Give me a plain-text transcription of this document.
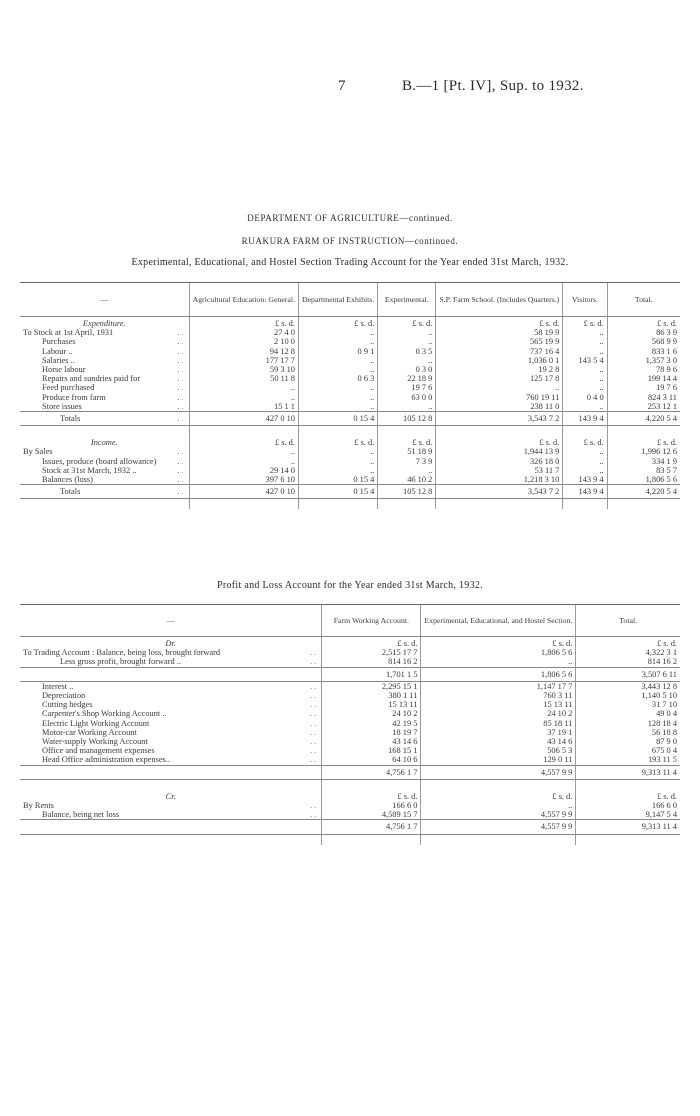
7	B.—1 [Pt. IV], Sup. to 1932.
DEPARTMENT OF AGRICULTURE—continued.
RUAKURA FARM OF INSTRUCTION—continued.
Experimental, Educational, and Hostel Section Trading Account for the Year ended 31st March, 1932.
—	Agricultural Education: General.	Departmental Exhibits.	Experimental.	S.P. Farm School. (Includes Quarters.)	Visitors.	Total.
Expenditure.	£ s. d.	£ s. d.	£ s. d.	£ s. d.	£ s. d.	£ s. d.
To Stock at 1st April, 1931 ..	27 4 0	..	..	58 19 9	..	86 3 9
Purchases ..	2 10 0	..	..	565 19 9	..	568 9 9
Labour .. ..	94 12 8	0 9 1	0 3 5	737 16 4	..	833 1 6
Salaries .. ..	177 17 7	..	..	1,036 0 1	143 5 4	1,357 3 0
Horse labour ..	59 3 10	..	0 3 0	19 2 8	..	78 9 6
Repairs and sundries paid for ..	50 11 8	0 6 3	22 18 9	125 17 8	..	199 14 4
Feed purchased ..	..	..	19 7 6	..	..	19 7 6
Produce from farm ..	..	..	63 0 0	760 19 11	0 4 0	824 3 11
Store issues ..	15 1 1	..	..	238 11 0	..	253 12 1
Totals ..	427 0 10	0 15 4	105 12 8	3,543 7 2	143 9 4	4,220 5 4

Income.	£ s. d.	£ s. d.	£ s. d.	£ s. d.	£ s. d.	£ s. d.
By Sales ..	..	..	51 18 9	1,944 13 9	..	1,996 12 6
Issues, produce (board allowance) ..	..	..	7 3 9	326 18 0	..	334 1 9
Stock at 31st March, 1932 .. ..	29 14 0	..	..	53 11 7	..	83 5 7
Balances (loss) ..	397 6 10	0 15 4	46 10 2	1,218 3 10	143 9 4	1,806 5 6
Totals ..	427 0 10	0 15 4	105 12 8	3,543 7 2	143 9 4	4,220 5 4

Profit and Loss Account for the Year ended 31st March, 1932.
—	Farm Working Account.	Experimental, Educational, and Hostel Section.	Total.
Dr.	£ s. d.	£ s. d.	£ s. d.
To Trading Account : Balance, being loss, brought forward ..	2,515 17 7	1,806 5 6	4,322 3 1
Less gross profit, brought forward .. ..	814 16 2	..	814 16 2
	1,701 1 5	1,806 5 6	3,507 6 11
Interest .. ..	2,295 15 1	1,147 17 7	3,443 12 8
Depreciation ..	380 1 11	760 3 11	1,140 5 10
Cutting hedges ..	15 13 11	15 13 11	31 7 10
Carpenter's Shop Working Account .. ..	24 10 2	24 10 2	49 0 4
Electric Light Working Account ..	42 19 5	85 18 11	128 18 4
Motor-car Working Account ..	18 19 7	37 19 1	56 18 8
Water-supply Working Account ..	43 14 6	43 14 6	87 9 0
Office and management expenses ..	168 15 1	506 5 3	675 0 4
Head Office administration expenses.. ..	64 10 6	129 0 11	193 11 5
	4,756 1 7	4,557 9 9	9,313 11 4

Cr.	£ s. d.	£ s. d.	£ s. d.
By Rents ..	166 6 0	..	166 6 0
Balance, being net loss ..	4,589 15 7	4,557 9 9	9,147 5 4
	4,756 1 7	4,557 9 9	9,313 11 4
